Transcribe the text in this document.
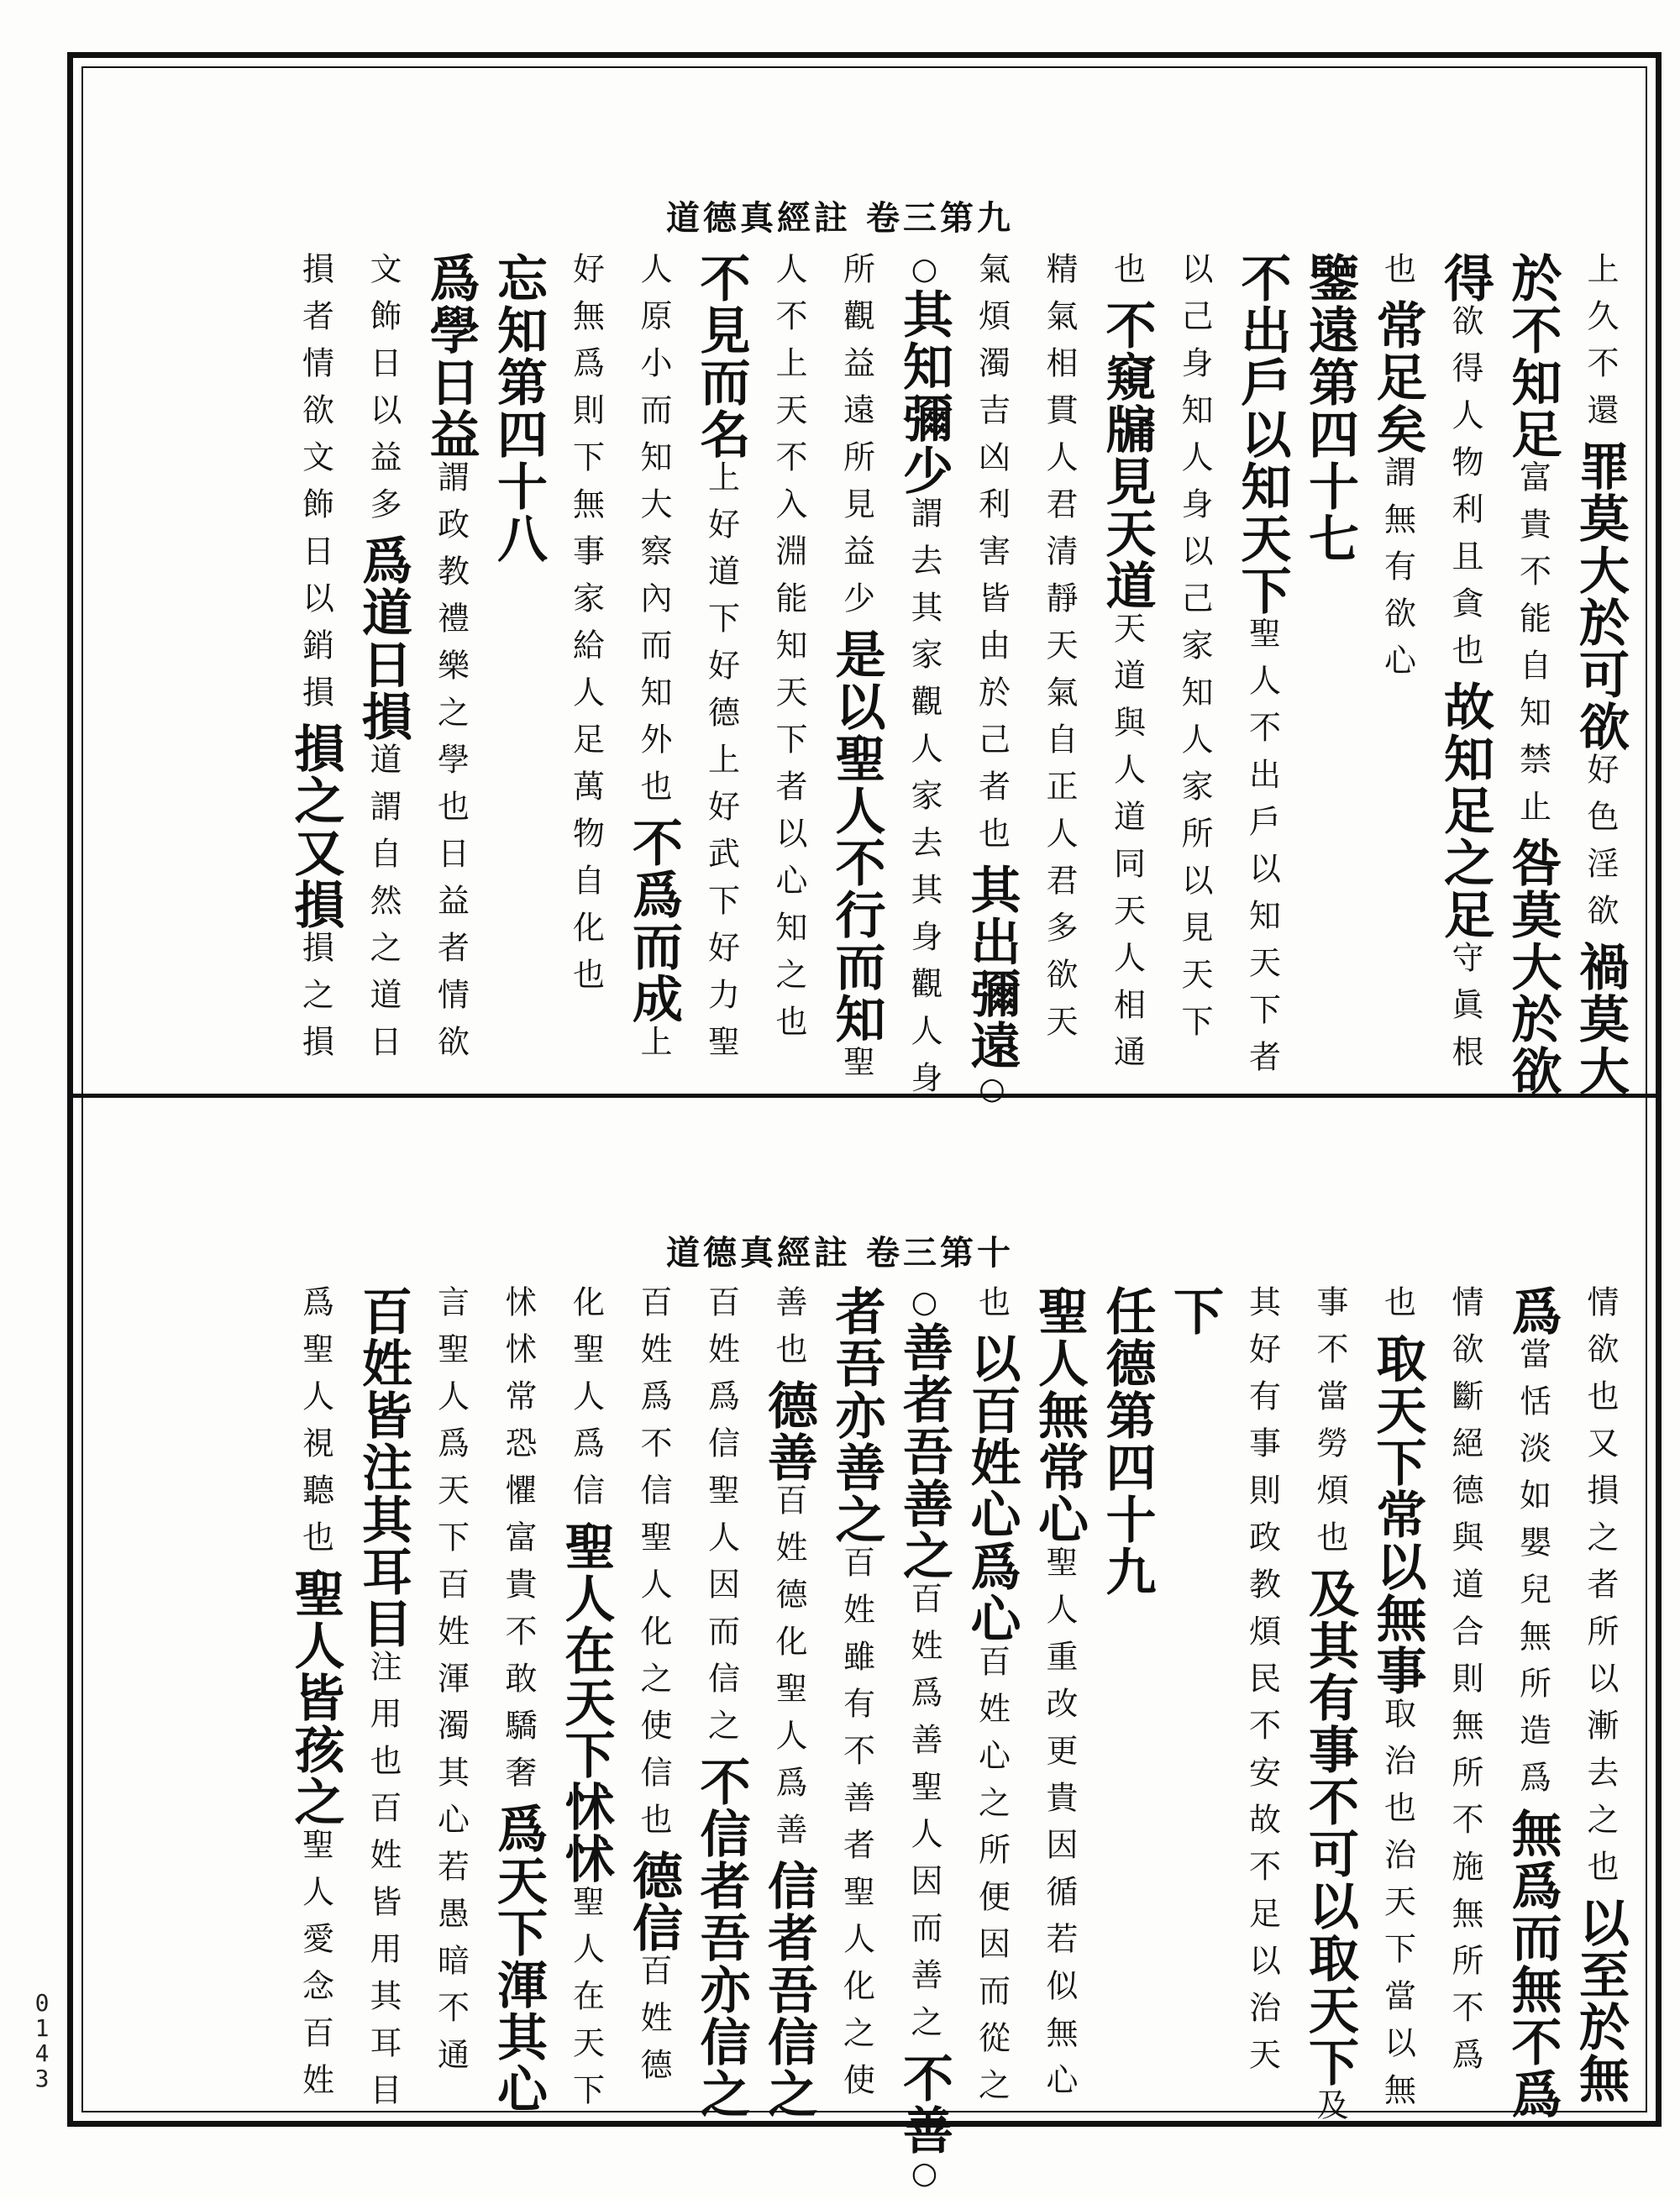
道德真經註 卷三第九
道德真經註 卷三第十
上久不還罪莫大於可欲好色淫欲禍莫大
於不知足富貴不能自知禁止咎莫大於欲
得欲得人物利且貪也故知足之足守眞根
也常足矣謂無有欲心
鑒遠第四十七
不出戶以知天下聖人不出戶以知天下者
以己身知人身以己家知人家所以見天下
也不窺牖見天道天道與人道同天人相通
精氣相貫人君清靜天氣自正人君多欲天
氣煩濁吉凶利害皆由於己者也其出彌遠○
○其知彌少謂去其家觀人家去其身觀人身
所觀益遠所見益少是以聖人不行而知聖
人不上天不入淵能知天下者以心知之也
不見而名上好道下好德上好武下好力聖
人原小而知大察內而知外也不爲而成上
好無爲則下無事家給人足萬物自化也
忘知第四十八
爲學日益謂政教禮樂之學也日益者情欲
文飾日以益多爲道日損道謂自然之道日
損者情欲文飾日以銷損損之又損損之損
情欲也又損之者所以漸去之也以至於無
爲當恬淡如嬰兒無所造爲無爲而無不爲
情欲斷絕德與道合則無所不施無所不爲
也取天下常以無事取治也治天下當以無
事不當勞煩也及其有事不可以取天下及
其好有事則政教煩民不安故不足以治天
下
任德第四十九
聖人無常心聖人重改更貴因循若似無心
也以百姓心爲心百姓心之所便因而從之
○善者吾善之百姓爲善聖人因而善之不善○
者吾亦善之百姓雖有不善者聖人化之使
善也德善百姓德化聖人爲善信者吾信之
百姓爲信聖人因而信之不信者吾亦信之
百姓爲不信聖人化之使信也德信百姓德
化聖人爲信聖人在天下怵怵聖人在天下
怵怵常恐懼富貴不敢驕奢爲天下渾其心
言聖人爲天下百姓渾濁其心若愚暗不通
百姓皆注其耳目注用也百姓皆用其耳目
爲聖人視聽也聖人皆孩之聖人愛念百姓
0143
